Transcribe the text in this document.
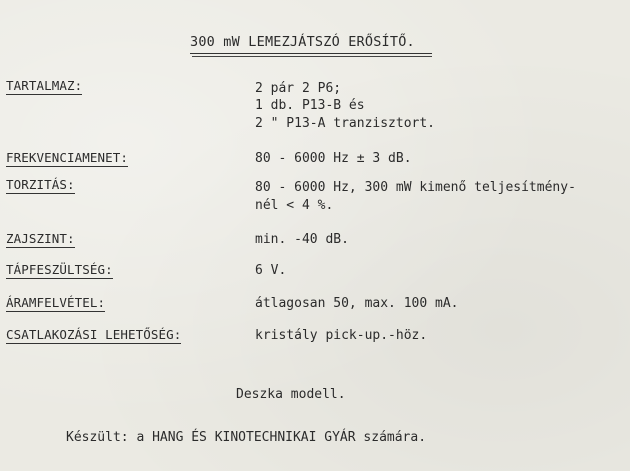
300 mW LEMEZJÁTSZÓ ERŐSÍTŐ.
TARTALMAZ:	2 pár 2 P6;
1 db. P13-B és
2 " P13-A tranzisztort.
FREKVENCIAMENET:	80 - 6000 Hz ± 3 dB.
TORZITÁS:	80 - 6000 Hz, 300 mW kimenő teljesítmény-
nél < 4 %.
ZAJSZINT:	min. -40 dB.
TÁPFESZÜLTSÉG:	6 V.
ÁRAMFELVÉTEL:	átlagosan 50, max. 100 mA.
CSATLAKOZÁSI LEHETŐSÉG:	kristály pick-up.-höz.
Deszka modell.
Készült: a HANG ÉS KINOTECHNIKAI GYÁR számára.
